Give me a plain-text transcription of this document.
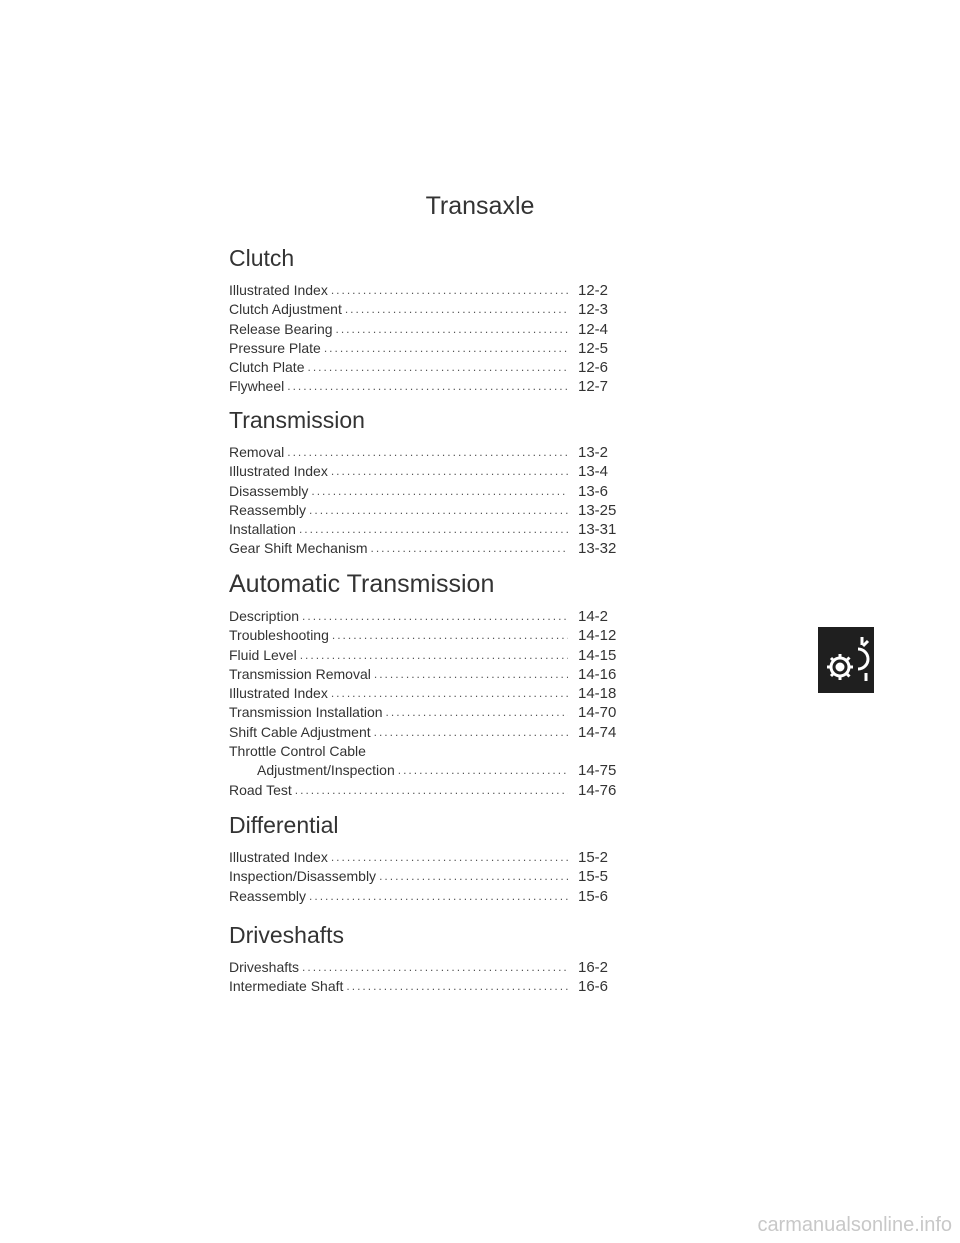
Transaxle
Clutch
Illustrated Index .....	12-2
Clutch Adjustment .....	12-3
Release Bearing .....	12-4
Pressure Plate .....	12-5
Clutch Plate .....	12-6
Flywheel .....	12-7
Transmission
Removal .....	13-2
Illustrated Index .....	13-4
Disassembly .....	13-6
Reassembly .....	13-25
Installation .....	13-31
Gear Shift Mechanism .....	13-32
Automatic Transmission
Description .....	14-2
Troubleshooting .....	14-12
Fluid Level .....	14-15
Transmission Removal .....	14-16
Illustrated Index .....	14-18
Transmission Installation .....	14-70
Shift Cable Adjustment .....	14-74
Throttle Control Cable
Adjustment/Inspection .....	14-75
Road Test .....	14-76
Differential
Illustrated Index .....	15-2
Inspection/Disassembly .....	15-5
Reassembly .....	15-6
Driveshafts
Driveshafts .....	16-2
Intermediate Shaft .....	16-6
carmanualsonline.info
